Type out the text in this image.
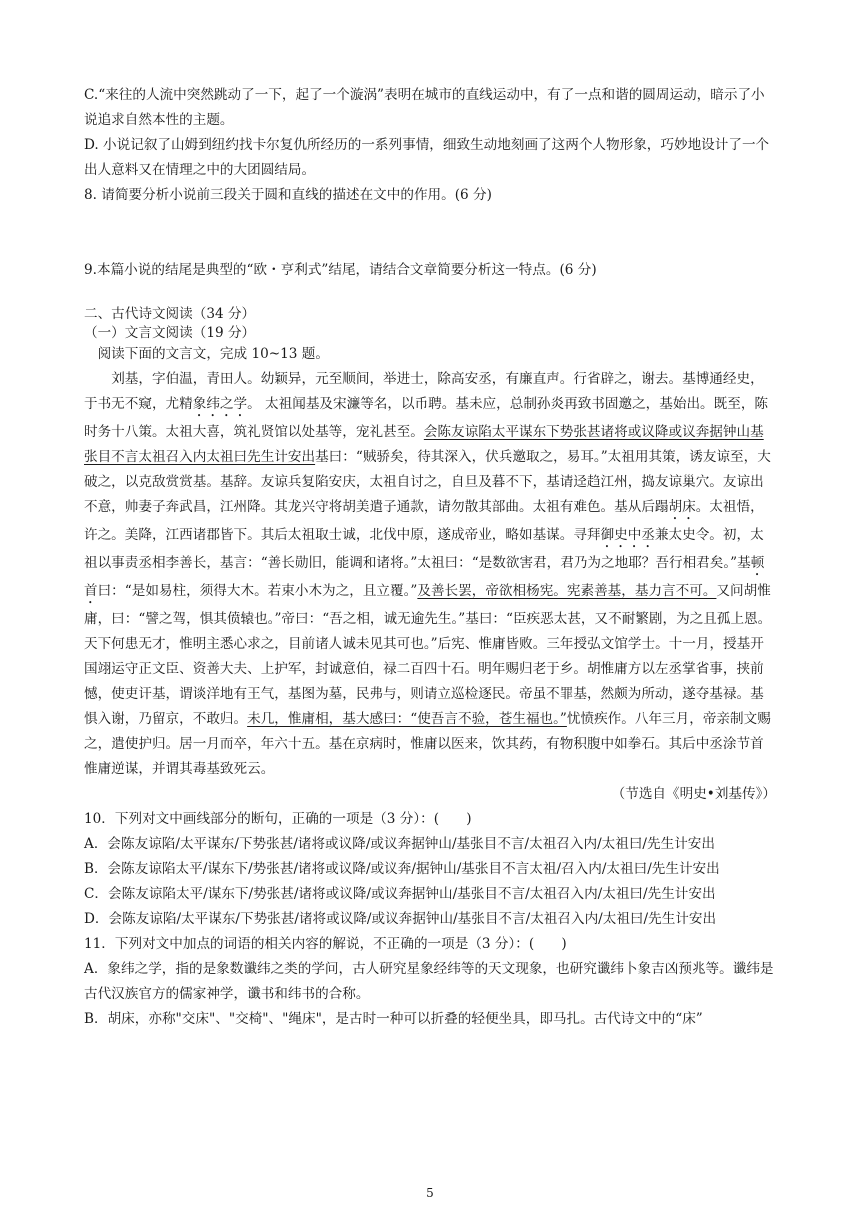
C.“来往的人流中突然跳动了一下，起了一个漩涡”表明在城市的直线运动中，有了一点和谐的圆周运动，暗示了小说追求自然本性的主题。

D. 小说记叙了山姆到纽约找卡尔复仇所经历的一系列事情，细致生动地刻画了这两个人物形象，巧妙地设计了一个出人意料又在情理之中的大团圆结局。

8. 请简要分析小说前三段关于圆和直线的描述在文中的作用。(6 分)

9.本篇小说的结尾是典型的“欧・亨利式”结尾，请结合文章简要分析这一特点。(6 分)

二、古代诗文阅读（34 分）

（一）文言文阅读（19 分）

阅读下面的文言文，完成 10~13 题。

刘基，字伯温，青田人。幼颖异，元至顺间，举进士，除高安丞，有廉直声。行省辟之，谢去。基博通经史，于书无不窥，尤精象纬之学。 太祖闻基及宋濂等名，以币聘。基未应，总制孙炎再致书固邀之，基始出。既至，陈时务十八策。太祖大喜，筑礼贤馆以处基等，宠礼甚至。会陈友谅陷太平谋东下势张甚诸将或议降或议奔据钟山基张目不言太祖召入内太祖曰先生计安出基曰：“贼骄矣，待其深入，伏兵邀取之，易耳。”太祖用其策，诱友谅至，大破之，以克敌赏赏基。基辞。友谅兵复陷安庆，太祖自讨之，自旦及暮不下，基请迳趋江州，捣友谅巢穴。友谅出不意，帅妻子奔武昌，江州降。其龙兴守将胡美遣子通款，请勿散其部曲。太祖有难色。基从后蹋胡床。太祖悟，许之。美降，江西诸郡皆下。其后太祖取士诚，北伐中原，遂成帝业，略如基谋。寻拜御史中丞兼太史令。初，太祖以事责丞相李善长，基言：“善长勋旧，能调和诸将。”太祖曰：“是数欲害君，君乃为之地耶？吾行相君矣。”基顿首曰：“是如易柱，须得大木。若束小木为之，且立覆。”及善长罢，帝欲相杨宪。宪素善基，基力言不可。又问胡惟庸，曰：“譬之驾，惧其偾辕也。”帝曰：“吾之相，诚无逾先生。”基曰：“臣疾恶太甚，又不耐繁剧，为之且孤上恩。天下何患无才，惟明主悉心求之，目前诸人诚未见其可也。”后宪、惟庸皆败。三年授弘文馆学士。十一月，授基开国翊运守正文臣、资善大夫、上护军，封诚意伯，禄二百四十石。明年赐归老于乡。胡惟庸方以左丞掌省事，挟前憾，使吏讦基，谓谈洋地有王气，基图为墓，民弗与，则请立巡检逐民。帝虽不罪基，然颇为所动，遂夺基禄。基惧入谢，乃留京，不敢归。未几，惟庸相，基大感曰：“使吾言不验，苍生福也。”忧愤疾作。八年三月，帝亲制文赐之，遣使护归。居一月而卒，年六十五。基在京病时，惟庸以医来，饮其药，有物积腹中如拳石。其后中丞涂节首惟庸逆谋，并谓其毒基致死云。

（节选自《明史•刘基传》）

10．下列对文中画线部分的断句，正确的一项是（3 分）：(　　)

A．会陈友谅陷/太平谋东/下势张甚/诸将或议降/或议奔据钟山/基张目不言/太祖召入内/太祖曰/先生计安出

B．会陈友谅陷太平/谋东下/势张甚/诸将或议降/或议奔/据钟山/基张目不言太祖/召入内/太祖曰/先生计安出

C．会陈友谅陷太平/谋东下/势张甚/诸将或议降/或议奔据钟山/基张目不言/太祖召入内/太祖曰/先生计安出

D．会陈友谅陷/太平谋东/下势张甚/诸将或议降/或议奔据钟山/基张目不言/太祖召入内/太祖曰/先生计安出

11．下列对文中加点的词语的相关内容的解说，不正确的一项是（3 分）：(　　)

A．象纬之学，指的是象数谶纬之类的学问，古人研究星象经纬等的天文现象，也研究谶纬卜象吉凶预兆等。谶纬是古代汉族官方的儒家神学，谶书和纬书的合称。

B．胡床，亦称"交床"、"交椅"、"绳床"，是古时一种可以折叠的轻便坐具，即马扎。古代诗文中的“床”

5
